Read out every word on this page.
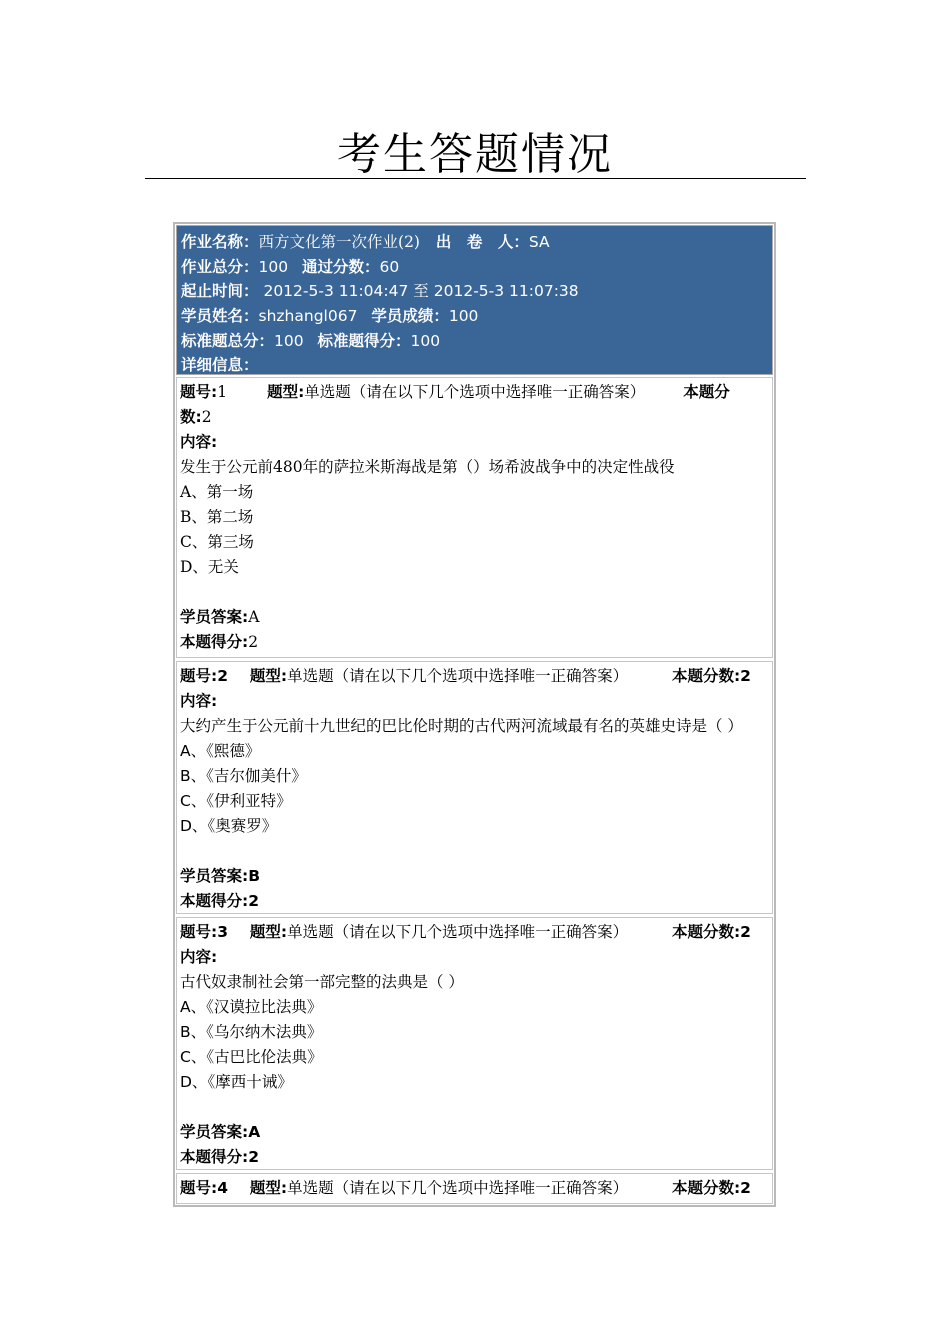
考生答题情况
作业名称：西方文化第一次作业(2) 出　卷　人：SA
作业总分：100 通过分数：60
起止时间： 2012-5-3 11:04:47 至 2012-5-3 11:07:38
学员姓名：shzhangl067 学员成绩：100
标准题总分：100 标准题得分：100
详细信息：
题号:1	题型:单选题（请在以下几个选项中选择唯一正确答案） 本题分
数:2
内容:
发生于公元前480年的萨拉米斯海战是第（）场希波战争中的决定性战役
A、第一场
B、第二场
C、第三场
D、无关
学员答案:A
本题得分:2
题号:2 题型:单选题（请在以下几个选项中选择唯一正确答案）	本题分数:2
内容:
大约产生于公元前十九世纪的巴比伦时期的古代两河流域最有名的英雄史诗是（ ）
A、《熙德》
B、《吉尔伽美什》
C、《伊利亚特》
D、《奥赛罗》
学员答案:B
本题得分:2
题号:3 题型:单选题（请在以下几个选项中选择唯一正确答案）	本题分数:2
内容:
古代奴隶制社会第一部完整的法典是（ ）
A、《汉谟拉比法典》
B、《乌尔纳木法典》
C、《古巴比伦法典》
D、《摩西十诫》
学员答案:A
本题得分:2
题号:4 题型:单选题（请在以下几个选项中选择唯一正确答案）	本题分数:2
